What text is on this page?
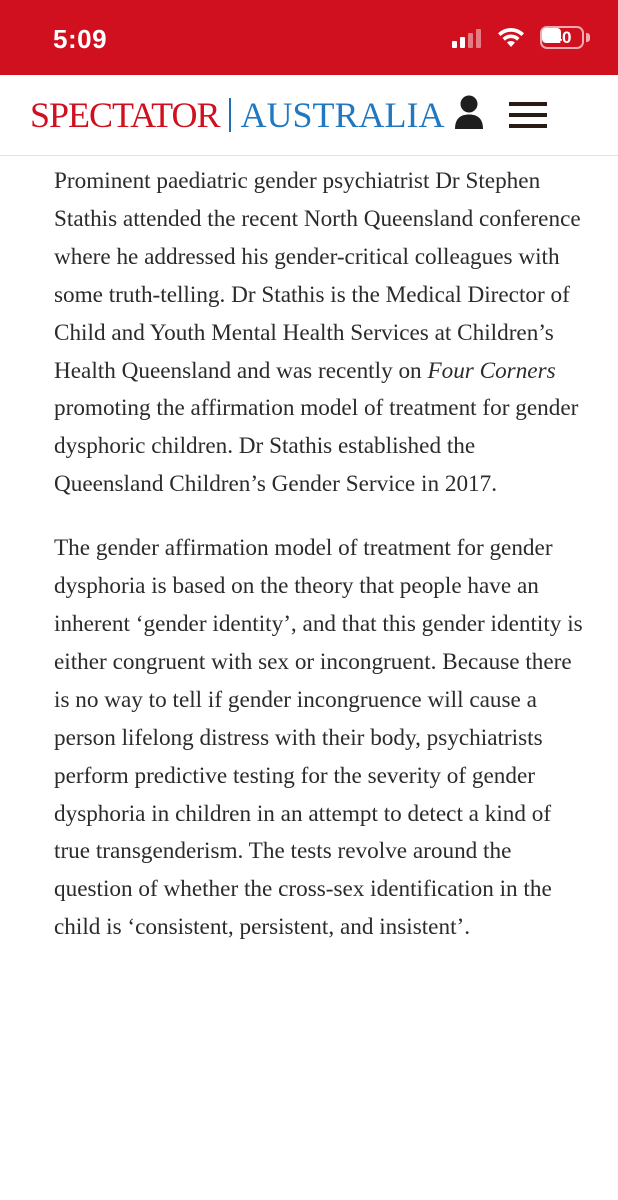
5:09	40
SPECTATOR AUSTRALIA

Prominent paediatric gender psychiatrist Dr Stephen Stathis attended the recent North Queensland conference where he addressed his gender-critical colleagues with some truth-telling. Dr Stathis is the Medical Director of Child and Youth Mental Health Services at Children’s Health Queensland and was recently on Four Corners promoting the affirmation model of treatment for gender dysphoric children. Dr Stathis established the Queensland Children’s Gender Service in 2017.

The gender affirmation model of treatment for gender dysphoria is based on the theory that people have an inherent ‘gender identity’, and that this gender identity is either congruent with sex or incongruent. Because there is no way to tell if gender incongruence will cause a person lifelong distress with their body, psychiatrists perform predictive testing for the severity of gender dysphoria in children in an attempt to detect a kind of true transgenderism. The tests revolve around the question of whether the cross-sex identification in the child is ‘consistent, persistent, and insistent’.
